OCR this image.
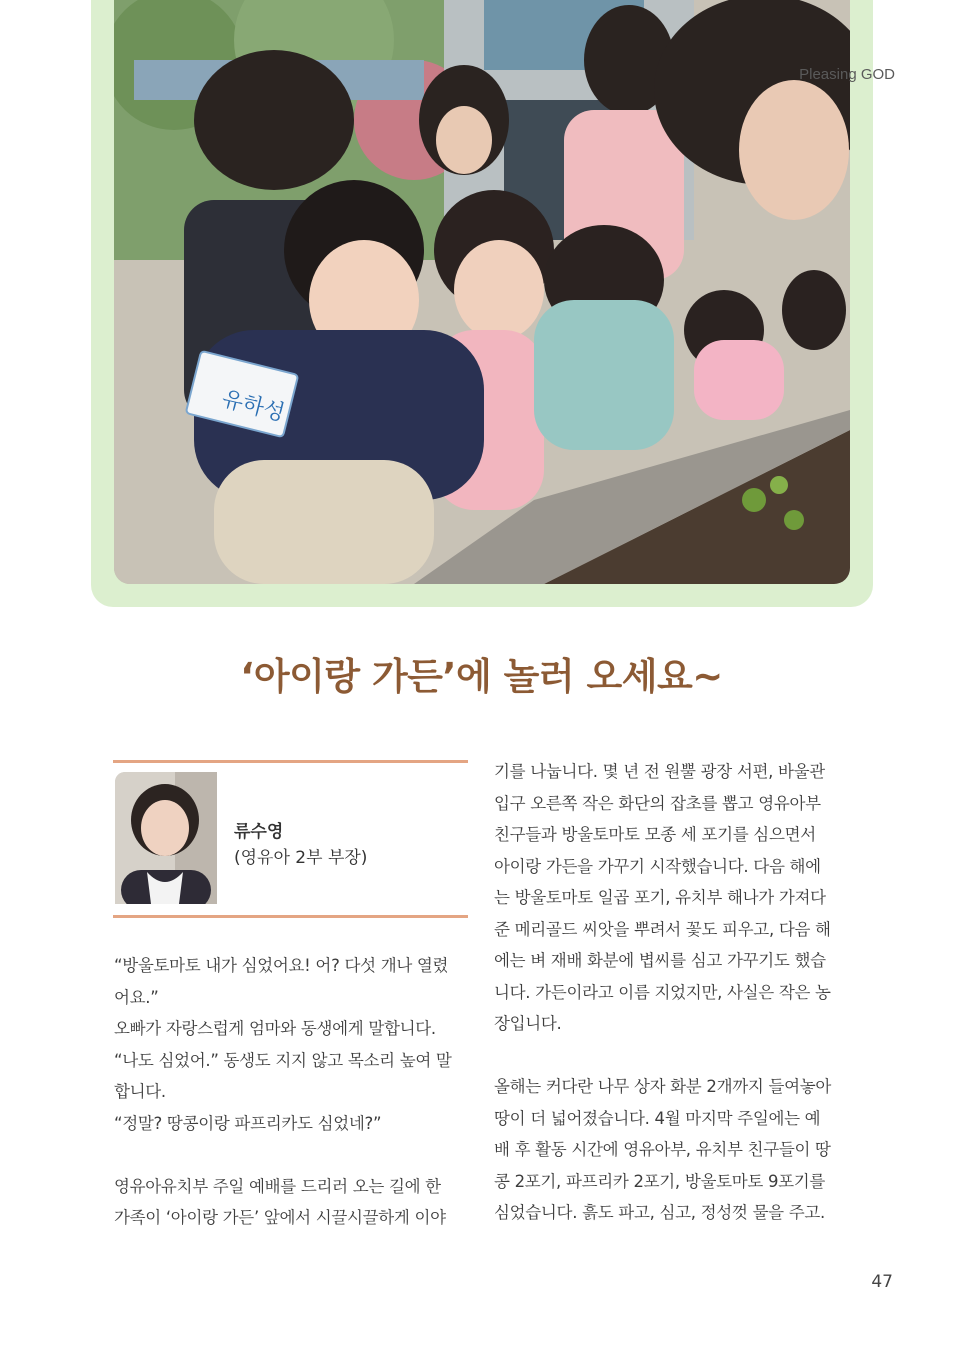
유하성
Pleasing GOD
‘아이랑 가든’에 놀러 오세요~
류수영
(영유아 2부 부장)

“방울토마토 내가 심었어요! 어? 다섯 개나 열렸

어요.”

오빠가 자랑스럽게 엄마와 동생에게 말합니다.

“나도 심었어.” 동생도 지지 않고 목소리 높여 말

합니다.

“정말? 땅콩이랑 파프리카도 심었네?”

영유아유치부 주일 예배를 드리러 오는 길에 한

가족이 ‘아이랑 가든’ 앞에서 시끌시끌하게 이야

기를 나눕니다. 몇 년 전 원뿔 광장 서편, 바울관

입구 오른쪽 작은 화단의 잡초를 뽑고 영유아부

친구들과 방울토마토 모종 세 포기를 심으면서

아이랑 가든을 가꾸기 시작했습니다. 다음 해에

는 방울토마토 일곱 포기, 유치부 해나가 가져다

준 메리골드 씨앗을 뿌려서 꽃도 피우고, 다음 해

에는 벼 재배 화분에 볍씨를 심고 가꾸기도 했습

니다. 가든이라고 이름 지었지만, 사실은 작은 농

장입니다.

올해는 커다란 나무 상자 화분 2개까지 들여놓아

땅이 더 넓어졌습니다. 4월 마지막 주일에는 예

배 후 활동 시간에 영유아부, 유치부 친구들이 땅

콩 2포기, 파프리카 2포기, 방울토마토 9포기를

심었습니다. 흙도 파고, 심고, 정성껏 물을 주고.

47
